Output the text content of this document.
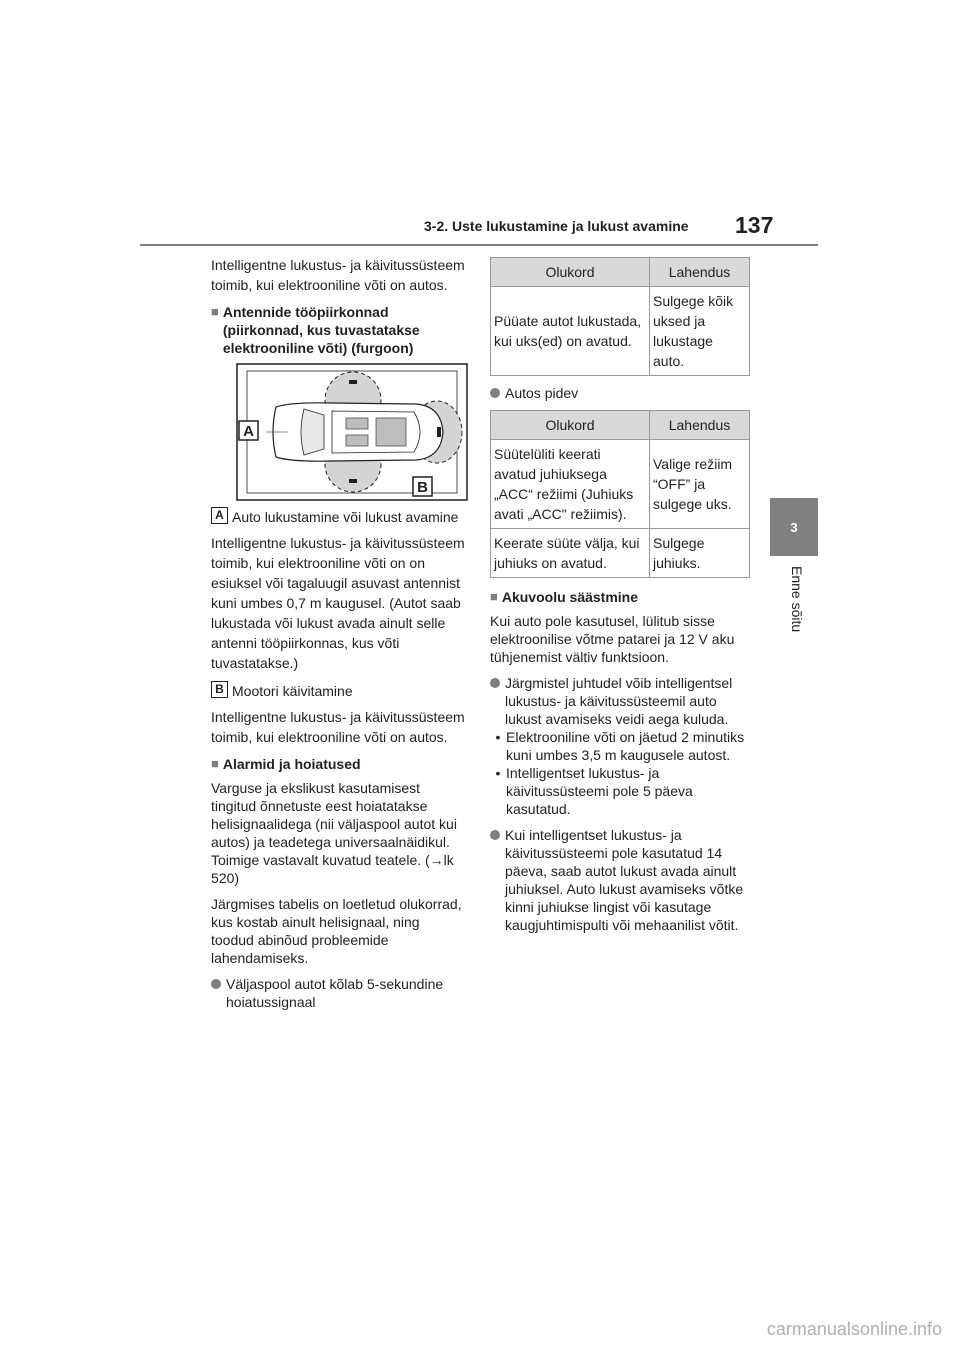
3-2. Uste lukustamine ja lukust avamine 137
3
Enne sõitu

Intelligentne lukustus- ja käivitussüsteem toimib, kui elektrooniline võti on autos.

■ Antennide tööpiirkonnad (piirkonnad, kus tuvastatakse elektrooniline võti) (furgoon)
A
B
A Auto lukustamine või lukust avamine

Intelligentne lukustus- ja käivitussüsteem toimib, kui elektrooniline võti on on esiuksel või tagaluugil asuvast antennist kuni umbes 0,7 m kaugusel. (Autot saab lukustada või lukust avada ainult selle antenni tööpiirkonnas, kus võti tuvastatakse.)

B Mootori käivitamine

Intelligentne lukustus- ja käivitussüsteem toimib, kui elektrooniline võti on autos.

■ Alarmid ja hoiatused

Varguse ja ekslikust kasutamisest tingitud õnnetuste eest hoiatatakse helisignaalidega (nii väljaspool autot kui autos) ja teadetega universaalnäidikul. Toimige vastavalt kuvatud teatele. (→lk 520)

Järgmises tabelis on loetletud olukorrad, kus kostab ainult helisignaal, ning toodud abinõud probleemide lahendamiseks.

Väljaspool autot kõlab 5-sekundine hoiatussignaal
Olukord	Lahendus
Püüate autot lukustada, kui uks(ed) on avatud.	Sulgege kõik uksed ja lukustage auto.
Autos pidev
Olukord	Lahendus
Süütelüliti keerati avatud juhiuksega „ACC“ režiimi (Juhiuks avati „ACC" režiimis).	Valige režiim “OFF” ja sulgege uks.
Keerate süüte välja, kui juhiuks on avatud.	Sulgege juhiuks.
■ Akuvoolu säästmine

Kui auto pole kasutusel, lülitub sisse elektroonilise võtme patarei ja 12 V aku tühjenemist vältiv funktsioon.

Järgmistel juhtudel võib intelligentsel lukustus- ja käivitussüsteemil auto lukust avamiseks veidi aega kuluda.
• Elektrooniline võti on jäetud 2 minutiks kuni umbes 3,5 m kaugusele autost.
• Intelligentset lukustus- ja käivitussüsteemi pole 5 päeva kasutatud.
Kui intelligentset lukustus- ja käivitussüsteemi pole kasutatud 14 päeva, saab autot lukust avada ainult juhiuksel. Auto lukust avamiseks võtke kinni juhiukse lingist või kasutage kaugjuhtimispulti või mehaanilist võtit.
carmanualsonline.info
